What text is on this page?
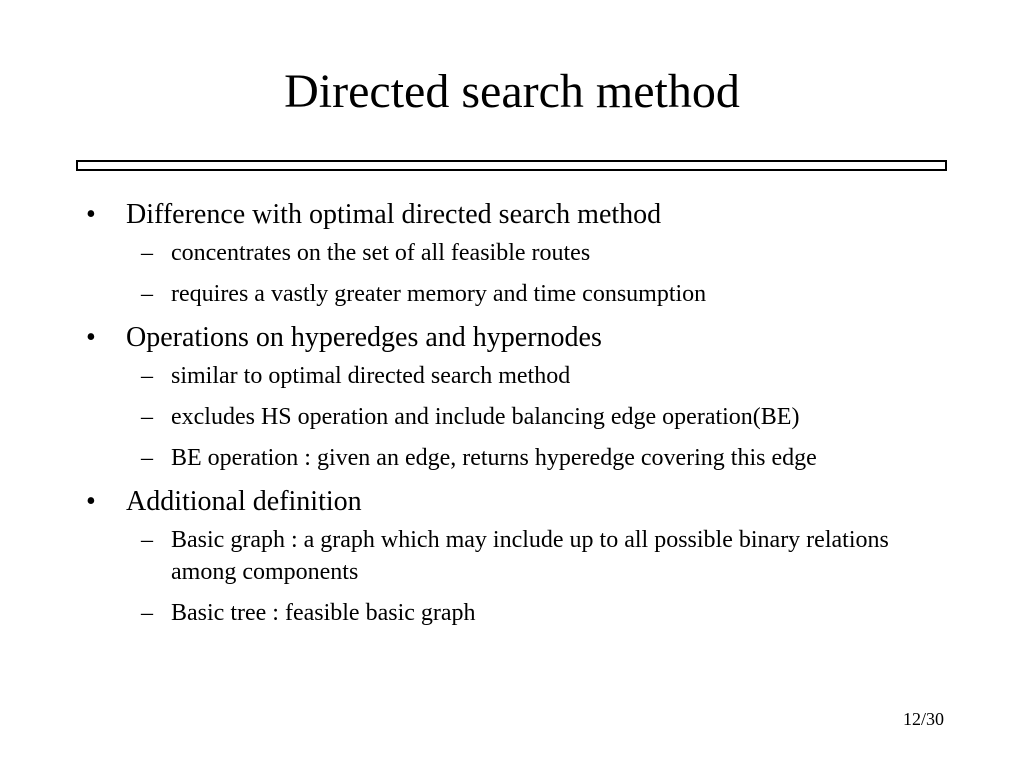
Directed search method
•	Difference with optimal directed search method
– concentrates on the set of all feasible routes
– requires a vastly greater memory and time consumption
•	Operations on hyperedges and hypernodes
– similar to optimal directed search method
– excludes HS operation and include balancing edge operation(BE)
– BE operation : given an edge, returns hyperedge covering this edge
•	Additional definition
– Basic graph : a graph which may include up to all possible binary relations among components
– Basic tree : feasible basic graph
12/30
